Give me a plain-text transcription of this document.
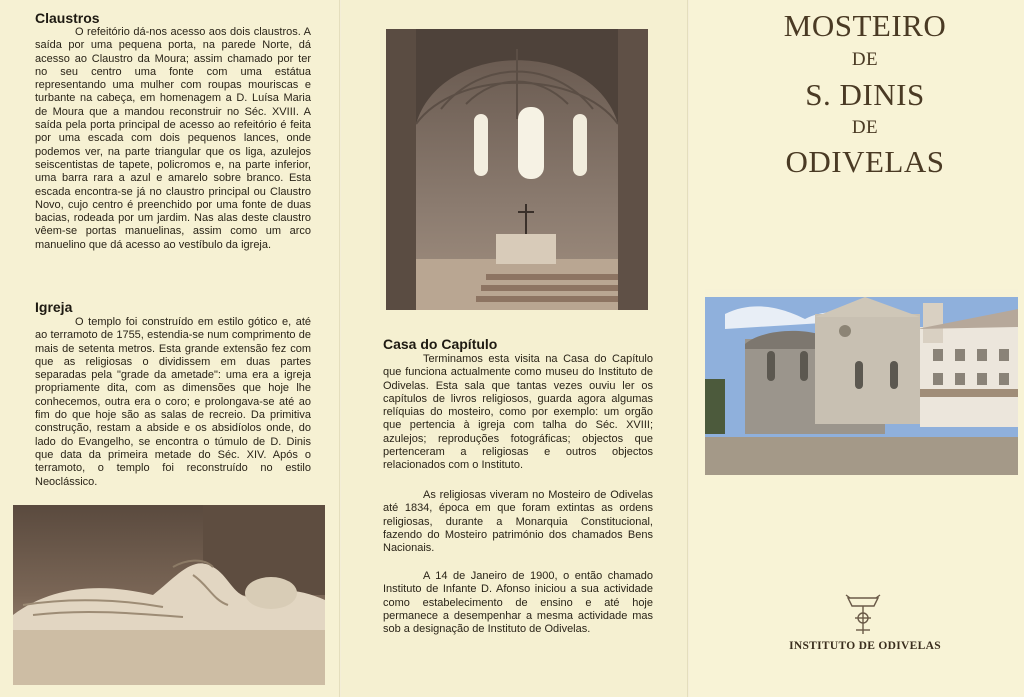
Claustros

O refeitório dá-nos acesso aos dois claustros. A saída por uma pequena porta, na parede Norte, dá acesso ao Claustro da Moura; assim chamado por ter no seu centro uma fonte com uma estátua representando uma mulher com roupas mouriscas e turbante na cabeça, em homenagem a D. Luísa Maria de Moura que a mandou reconstruir no Séc. XVIII. A saída pela porta principal de acesso ao refeitório é feita por uma escada com dois pequenos lances, onde podemos ver, na parte triangular que os liga, azulejos seiscentistas de tapete, policromos e, na parte inferior, uma barra rara a azul e amarelo sobre branco. Esta escada encontra-se já no claustro principal ou Claustro Novo, cujo centro é preenchido por uma fonte de duas bacias, rodeada por um jardim. Nas alas deste claustro vêem-se portas manuelinas, assim como um arco manuelino que dá acesso ao vestíbulo da igreja.

Igreja

O templo foi construído em estilo gótico e, até ao terramoto de 1755, estendia-se num comprimento de mais de setenta metros. Esta grande extensão fez com que as religiosas o dividissem em duas partes separadas pela "grade da ametade": uma era a igreja propriamente dita, com as dimensões que hoje lhe conhecemos, outra era o coro; e prolongava-se até ao fim do que hoje são as salas de recreio. Da primitiva construção, restam a abside e os absidíolos onde, do lado do Evangelho, se encontra o túmulo de D. Dinis que data da primeira metade do Séc. XIV. Após o terramoto, o templo foi reconstruído no estilo Neoclássico.

Casa do Capítulo

Terminamos esta visita na Casa do Capítulo que funciona actualmente como museu do Instituto de Odivelas. Esta sala que tantas vezes ouviu ler os capítulos de livros religiosos, guarda agora algumas relíquias do mosteiro, como por exemplo: um orgão que pertencia à igreja com talha do Séc. XVIII; azulejos; reproduções fotográficas; objectos que pertenceram a religiosas e outros objectos relacionados com o Instituto.

As religiosas viveram no Mosteiro de Odivelas até 1834, época em que foram extintas as ordens religiosas, durante a Monarquia Constitucional, fazendo do Mosteiro património dos chamados Bens Nacionais.

A 14 de Janeiro de 1900, o então chamado Instituto de Infante D. Afonso iniciou a sua actividade como estabelecimento de ensino e até hoje permanece a desempenhar a mesma actividade mas sob a designação de Instituto de Odivelas.

MOSTEIRO
DE
S. DINIS
DE
ODIVELAS
INSTITUTO DE ODIVELAS
